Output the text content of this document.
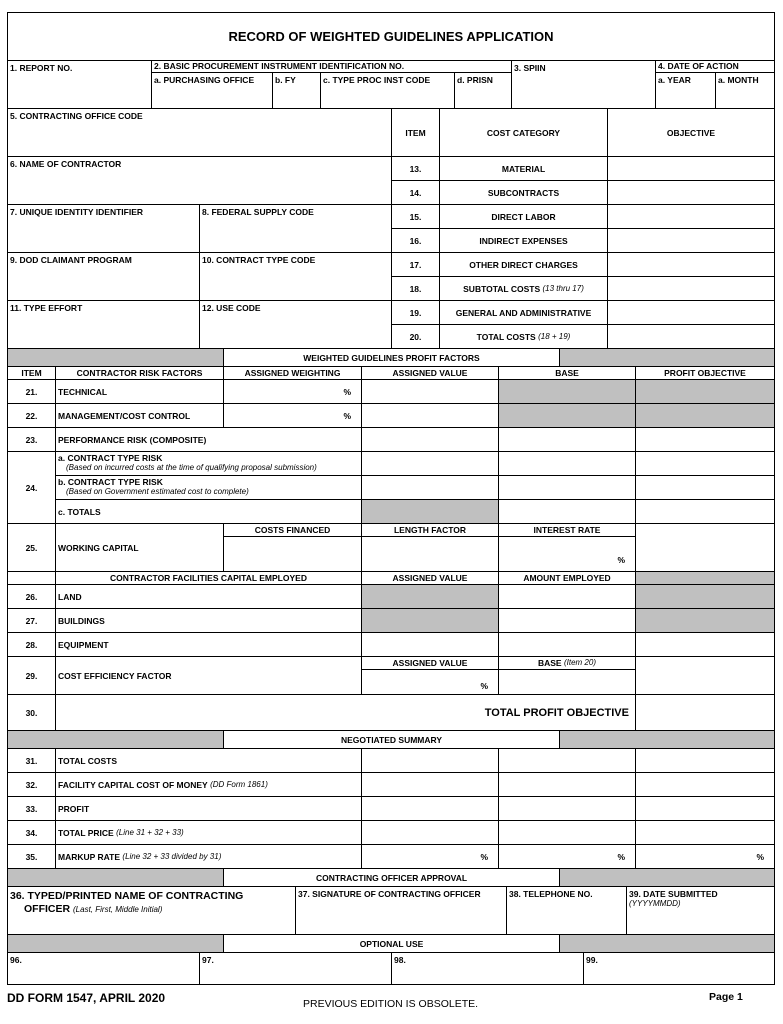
RECORD OF WEIGHTED GUIDELINES APPLICATION
1. REPORT NO.	2. BASIC PROCUREMENT INSTRUMENT IDENTIFICATION NO.
a. PURCHASING OFFICE	b. FY	c. TYPE PROC INST CODE	d. PRISN
3. SPIIN	4. DATE OF ACTION
a. YEAR	a. MONTH
5. CONTRACTING OFFICE CODE
6. NAME OF CONTRACTOR
7. UNIQUE IDENTITY IDENTIFIER	8. FEDERAL SUPPLY CODE
9. DOD CLAIMANT PROGRAM	10. CONTRACT TYPE CODE
11. TYPE EFFORT	12. USE CODE
ITEM	COST CATEGORY	OBJECTIVE
13.	MATERIAL
14.	SUBCONTRACTS
15.	DIRECT LABOR
16.	INDIRECT EXPENSES
17.	OTHER DIRECT CHARGES
18.	SUBTOTAL COSTS
(13 thru 17)
19.	GENERAL AND ADMINISTRATIVE
20.	TOTAL COSTS
(18 + 19)
WEIGHTED GUIDELINES PROFIT FACTORS
ITEM	CONTRACTOR RISK FACTORS	ASSIGNED WEIGHTING	ASSIGNED VALUE	BASE	PROFIT OBJECTIVE
21.	TECHNICAL	%
22.	MANAGEMENT/COST CONTROL	%
23.	PERFORMANCE RISK (COMPOSITE)
24.
a. CONTRACT TYPE RISK
(Based on incurred costs at the time of qualifying proposal submission)
b. CONTRACT TYPE RISK
(Based on Government estimated cost to complete)
c. TOTALS
25.	WORKING CAPITAL
COSTS FINANCED	LENGTH FACTOR	INTEREST RATE
%
CONTRACTOR FACILITIES CAPITAL EMPLOYED	ASSIGNED VALUE	AMOUNT EMPLOYED
26.	LAND
27.	BUILDINGS
28.	EQUIPMENT
29.	COST EFFICIENCY FACTOR
ASSIGNED VALUE	BASE
(Item 20)
%
30.	TOTAL PROFIT OBJECTIVE
NEGOTIATED SUMMARY
31.	TOTAL COSTS
32.	FACILITY CAPITAL COST OF MONEY
(DD Form 1861)
33.	PROFIT
34.	TOTAL PRICE
(Line 31 + 32 + 33)
35.	MARKUP RATE
(Line 32 + 33 divided by 31)	%	%	%
CONTRACTING OFFICER APPROVAL
36. TYPED/PRINTED NAME OF CONTRACTING
OFFICER (Last, First, Middle Initial)
37. SIGNATURE OF CONTRACTING OFFICER	38. TELEPHONE NO.	39. DATE SUBMITTED
(YYYYMMDD)
OPTIONAL USE
96.	97.	98.	99.
DD FORM 1547, APRIL 2020	PREVIOUS EDITION IS OBSOLETE.
Page 1
